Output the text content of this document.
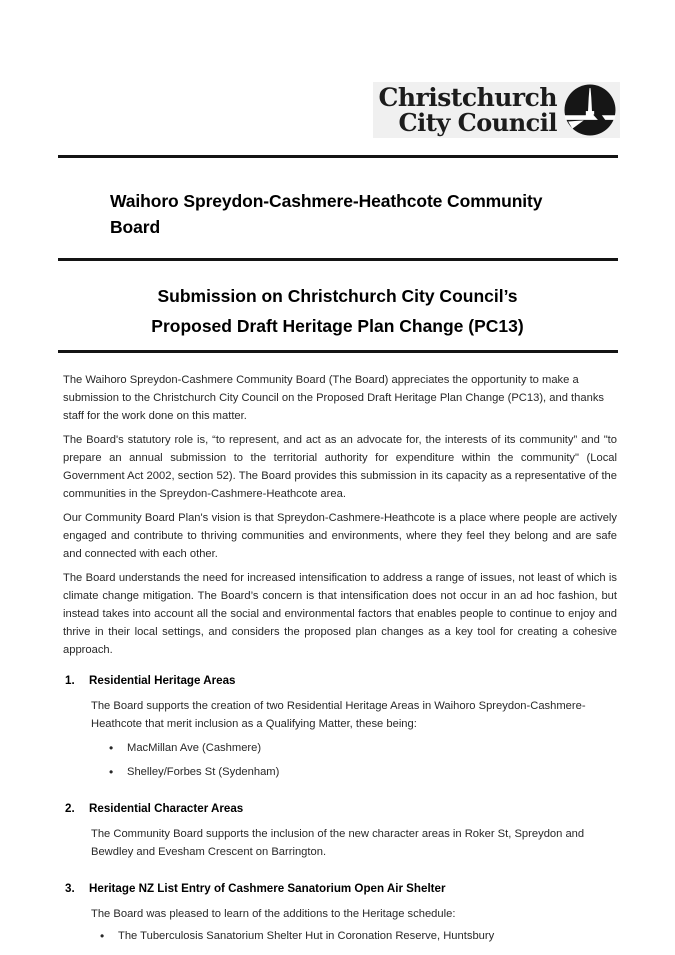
Christchurch
City Council
Waihoro Spreydon-Cashmere-Heathcote Community Board
Submission on Christchurch City Council’s
Proposed Draft Heritage Plan Change (PC13)

The Waihoro Spreydon-Cashmere Community Board (The Board) appreciates the opportunity to make a submission to the Christchurch City Council on the Proposed Draft Heritage Plan Change (PC13), and thanks staff for the work done on this matter.

The Board's statutory role is, “to represent, and act as an advocate for, the interests of its community” and "to prepare an annual submission to the territorial authority for expenditure within the community" (Local Government Act 2002, section 52). The Board provides this submission in its capacity as a representative of the communities in the Spreydon-Cashmere-Heathcote area.

Our Community Board Plan's vision is that Spreydon-Cashmere-Heathcote is a place where people are actively engaged and contribute to thriving communities and environments, where they feel they belong and are safe and connected with each other.

The Board understands the need for increased intensification to address a range of issues, not least of which is climate change mitigation. The Board’s concern is that intensification does not occur in an ad hoc fashion, but instead takes into account all the social and environmental factors that enables people to continue to enjoy and thrive in their local settings, and considers the proposed plan changes as a key tool for creating a cohesive approach.

1.	Residential Heritage Areas

The Board supports the creation of two Residential Heritage Areas in Waihoro Spreydon-Cashmere-Heathcote that merit inclusion as a Qualifying Matter, these being:

• MacMillan Ave (Cashmere)
• Shelley/Forbes St (Sydenham)
2.	Residential Character Areas

The Community Board supports the inclusion of the new character areas in Roker St, Spreydon and Bewdley and Evesham Crescent on Barrington.

3.	Heritage NZ List Entry of Cashmere Sanatorium Open Air Shelter

The Board was pleased to learn of the additions to the Heritage schedule:

• The Tuberculosis Sanatorium Shelter Hut in Coronation Reserve, Huntsbury
